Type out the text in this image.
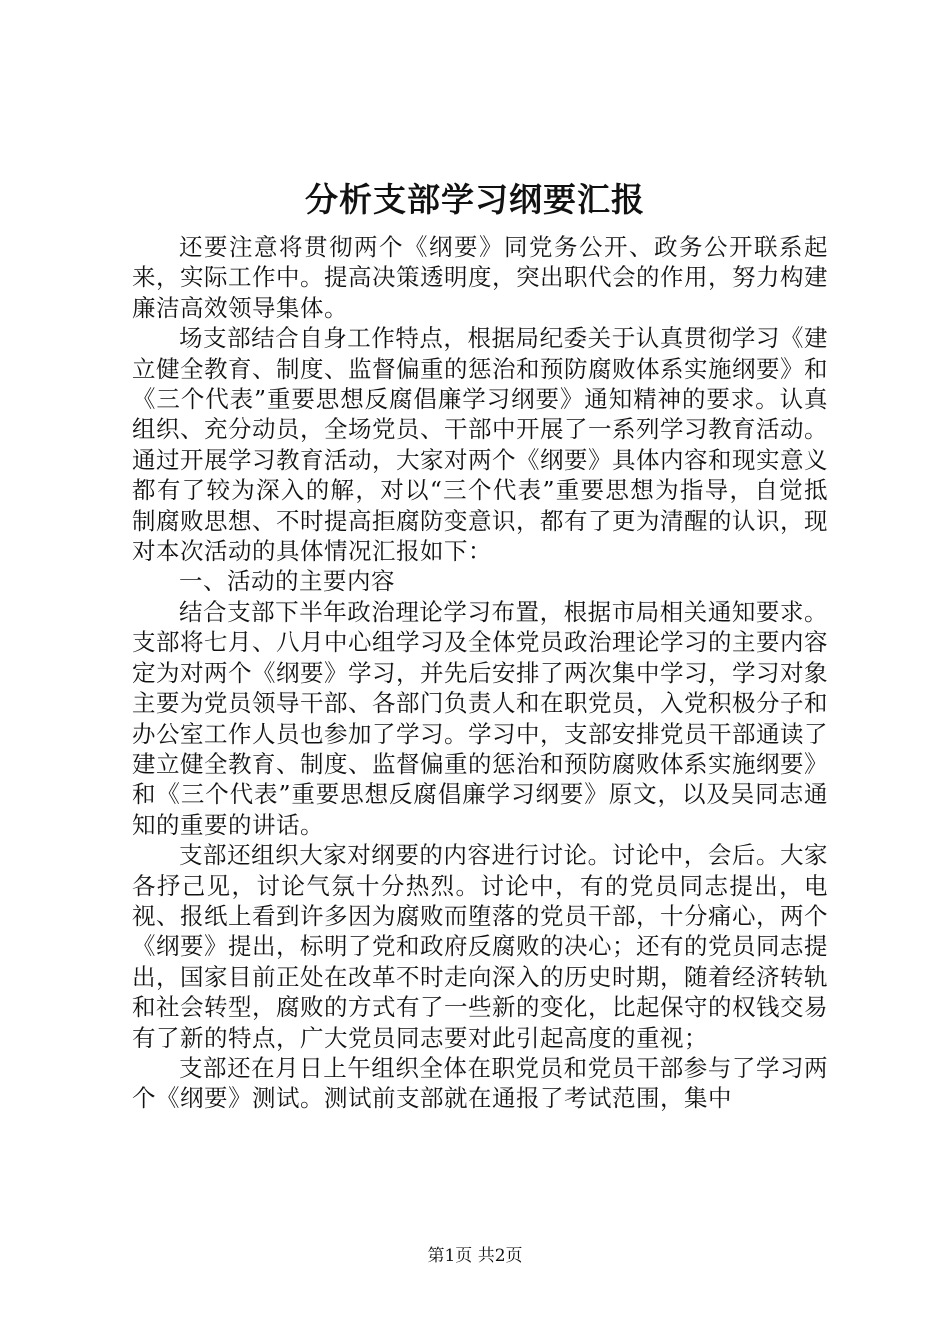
分析支部学习纲要汇报

还要注意将贯彻两个《纲要》同党务公开、政务公开联系起来，实际工作中。提高决策透明度，突出职代会的作用，努力构建廉洁高效领导集体。

场支部结合自身工作特点，根据局纪委关于认真贯彻学习《建立健全教育、制度、监督偏重的惩治和预防腐败体系实施纲要》和《三个代表”重要思想反腐倡廉学习纲要》通知精神的要求。认真组织、充分动员，全场党员、干部中开展了一系列学习教育活动。通过开展学习教育活动，大家对两个《纲要》具体内容和现实意义都有了较为深入的解，对以“三个代表”重要思想为指导，自觉抵制腐败思想、不时提高拒腐防变意识，都有了更为清醒的认识，现对本次活动的具体情况汇报如下：

一、活动的主要内容

结合支部下半年政治理论学习布置，根据市局相关通知要求。支部将七月、八月中心组学习及全体党员政治理论学习的主要内容定为对两个《纲要》学习，并先后安排了两次集中学习，学习对象主要为党员领导干部、各部门负责人和在职党员，入党积极分子和办公室工作人员也参加了学习。学习中，支部安排党员干部通读了建立健全教育、制度、监督偏重的惩治和预防腐败体系实施纲要》和《三个代表”重要思想反腐倡廉学习纲要》原文，以及吴同志通知的重要的讲话。

支部还组织大家对纲要的内容进行讨论。讨论中，会后。大家各抒己见，讨论气氛十分热烈。讨论中，有的党员同志提出，电视、报纸上看到许多因为腐败而堕落的党员干部，十分痛心，两个《纲要》提出，标明了党和政府反腐败的决心；还有的党员同志提出，国家目前正处在改革不时走向深入的历史时期，随着经济转轨和社会转型，腐败的方式有了一些新的变化，比起保守的权钱交易有了新的特点，广大党员同志要对此引起高度的重视；

支部还在月日上午组织全体在职党员和党员干部参与了学习两个《纲要》测试。测试前支部就在通报了考试范围，集中

第1页 共2页
